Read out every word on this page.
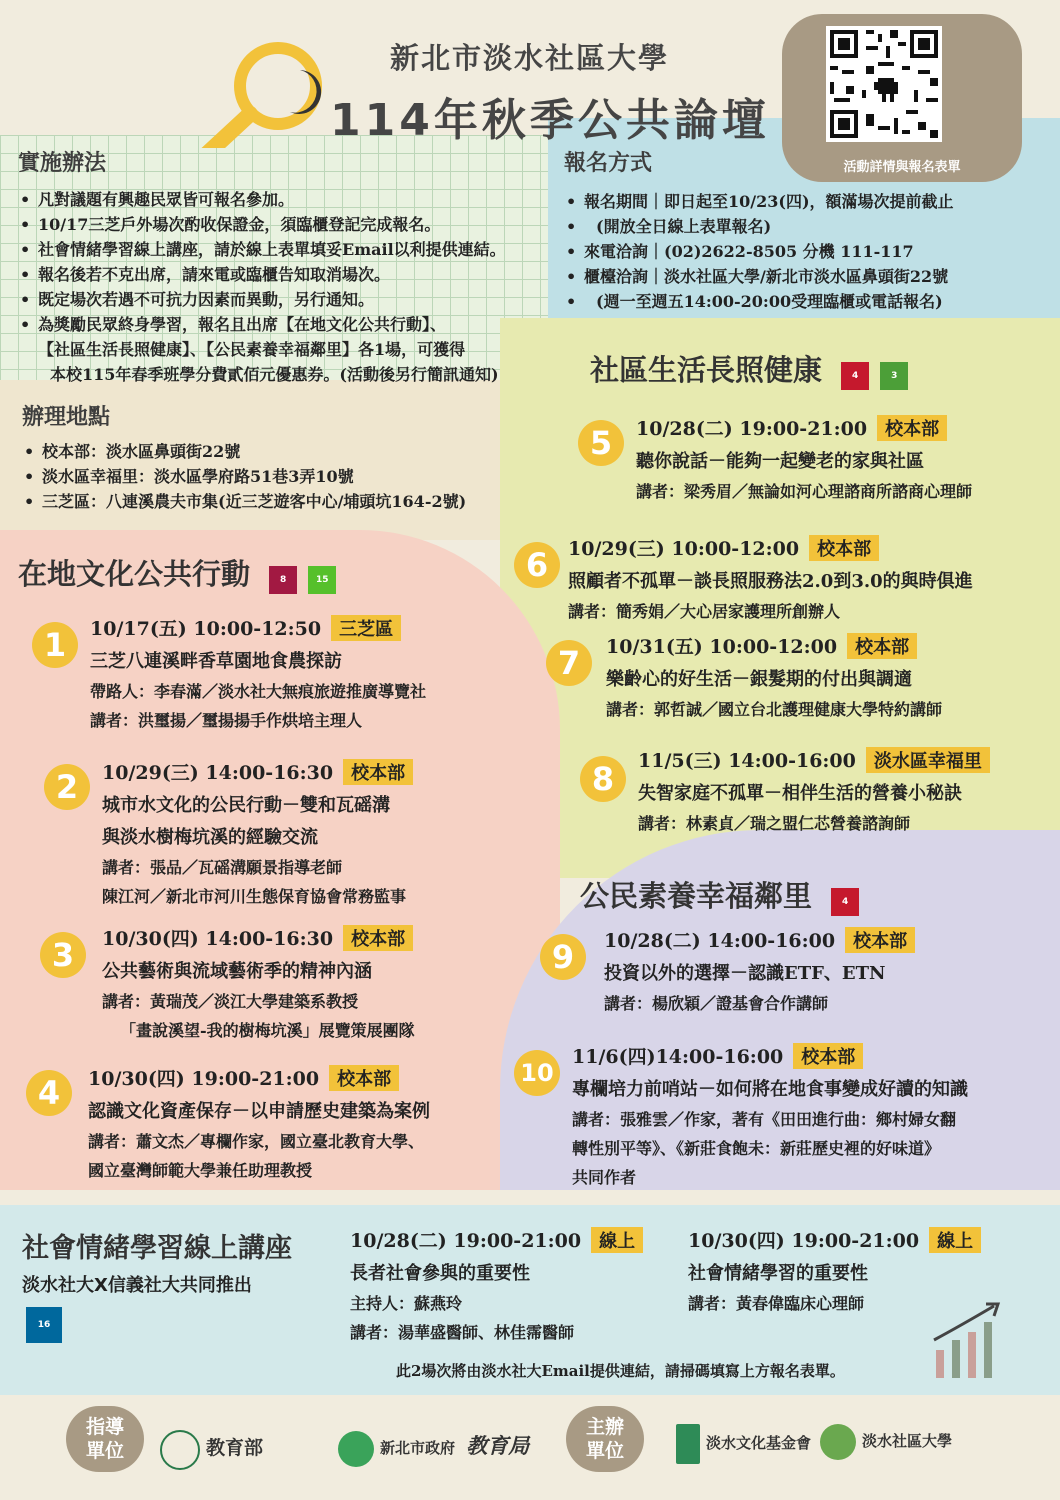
新北市淡水社區大學
114年秋季公共論壇
活動詳情與報名表單
實施辦法
• 凡對議題有興趣民眾皆可報名參加。
• 10/17三芝戶外場次酌收保證金，須臨櫃登記完成報名。
• 社會情緒學習線上講座，請於線上表單填妥Email以利提供連結。
• 報名後若不克出席，請來電或臨櫃告知取消場次。
• 既定場次若遇不可抗力因素而異動，另行通知。
• 為獎勵民眾終身學習，報名且出席【在地文化公共行動】、
【社區生活長照健康】、【公民素養幸福鄰里】各1場，可獲得
本校115年春季班學分費貳佰元優惠券。(活動後另行簡訊通知)
辦理地點
• 校本部：淡水區鼻頭街22號
• 淡水區幸福里：淡水區學府路51巷3弄10號
• 三芝區：八連溪農夫市集(近三芝遊客中心/埔頭坑164-2號)
報名方式
• 報名期間｜即日起至10/23(四)，額滿場次提前截止
• (開放全日線上表單報名)
• 來電洽詢｜(02)2622-8505 分機 111-117
• 櫃檯洽詢｜淡水社區大學/新北市淡水區鼻頭街22號
• (週一至週五14:00-20:00受理臨櫃或電話報名)
社區生活長照健康	4	3
5	10/28(二) 19:00-21:00 校本部
聽你說話－能夠一起變老的家與社區
講者：梁秀眉／無論如河心理諮商所諮商心理師
6	10/29(三) 10:00-12:00 校本部
照顧者不孤單－談長照服務法2.0到3.0的與時俱進
講者：簡秀娟／大心居家護理所創辦人
7	10/31(五) 10:00-12:00 校本部
樂齡心的好生活－銀髮期的付出與調適
講者：郭哲誠／國立台北護理健康大學特約講師
8	11/5(三) 14:00-16:00 淡水區幸福里
失智家庭不孤單－相伴生活的營養小秘訣
講者：林素貞／瑞之盟仁芯營養諮詢師
在地文化公共行動	8	15
1	10/17(五) 10:00-12:50 三芝區
三芝八連溪畔香草園地食農探訪
帶路人：李春滿／淡水社大無痕旅遊推廣導覽社
講者：洪璽揚／璽揚揚手作烘培主理人
2	10/29(三) 14:00-16:30 校本部
城市水文化的公民行動－雙和瓦磘溝
與淡水樹梅坑溪的經驗交流
講者：張品／瓦磘溝願景指導老師
陳江河／新北市河川生態保育協會常務監事
3	10/30(四) 14:00-16:30 校本部
公共藝術與流域藝術季的精神內涵
講者：黃瑞茂／淡江大學建築系教授
「畫說溪望-我的樹梅坑溪」展覽策展團隊
4	10/30(四) 19:00-21:00 校本部
認識文化資產保存－以申請歷史建築為案例
講者：蕭文杰／專欄作家，國立臺北教育大學、
國立臺灣師範大學兼任助理教授
公民素養幸福鄰里	4
9	10/28(二) 14:00-16:00 校本部
投資以外的選擇－認識ETF、ETN
講者：楊欣穎／證基會合作講師
10
11/6(四)14:00-16:00 校本部
專欄培力前哨站－如何將在地食事變成好讀的知識
講者：張雅雲／作家，著有《田田進行曲：鄉村婦女翻
轉性別平等》、《新莊食飽未：新莊歷史裡的好味道》
共同作者
社會情緒學習線上講座
淡水社大X信義社大共同推出
16
10/28(二) 19:00-21:00 線上
長者社會參與的重要性
主持人：蘇燕玲
講者：湯華盛醫師、林佳霈醫師
10/30(四) 19:00-21:00 線上
社會情緒學習的重要性
講者：黃春偉臨床心理師
此2場次將由淡水社大Email提供連結，請掃碼填寫上方報名表單。
指導
單位	教育部	新北市政府 教育局
主辦
單位	淡水文化基金會	淡水社區大學
